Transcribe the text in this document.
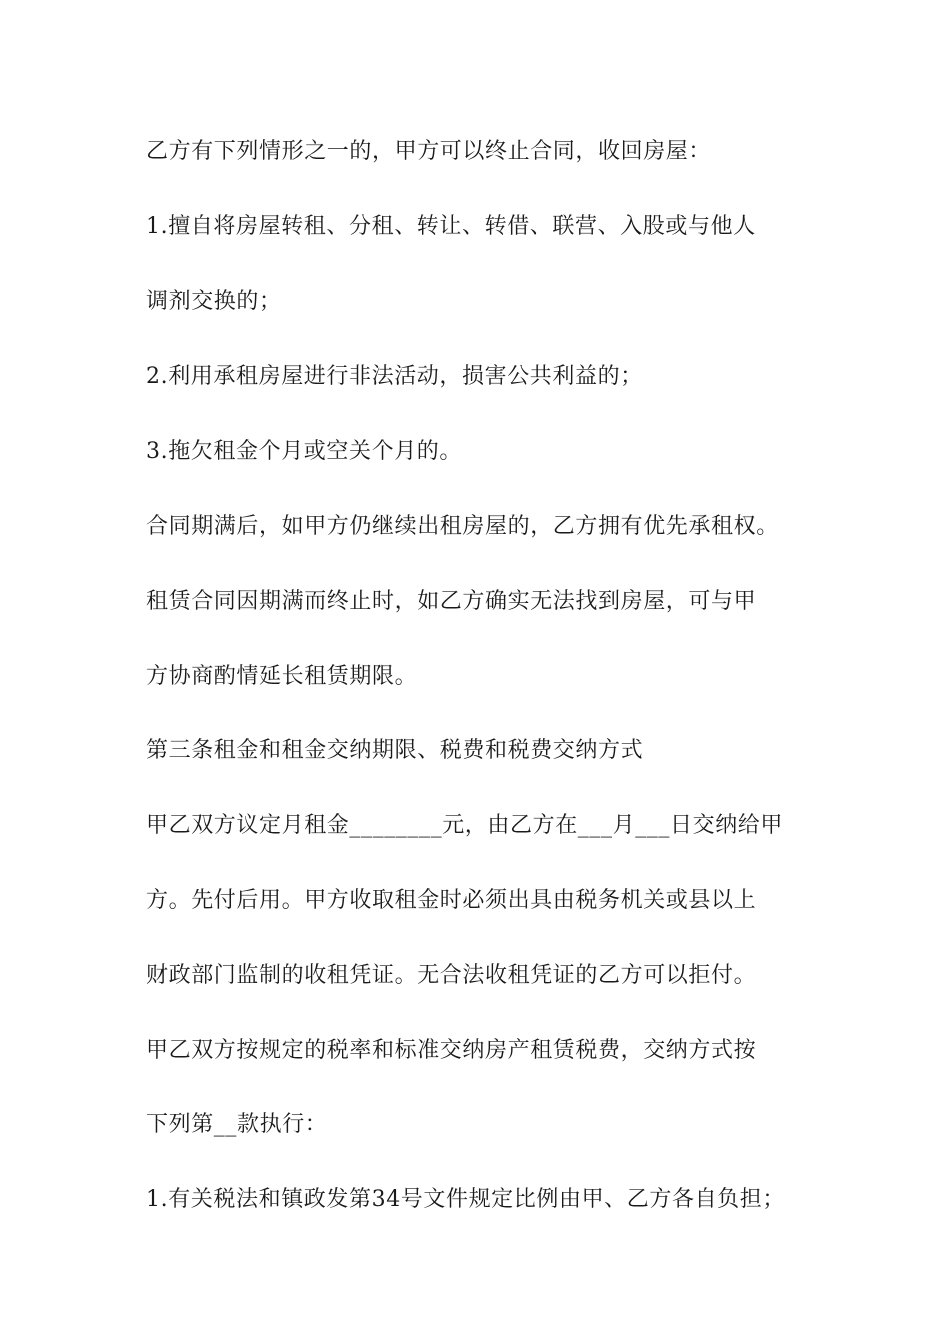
乙方有下列情形之一的，甲方可以终止合同，收回房屋：

1.擅自将房屋转租、分租、转让、转借、联营、入股或与他人

调剂交换的；

2.利用承租房屋进行非法活动，损害公共利益的；

3.拖欠租金个月或空关个月的。

合同期满后，如甲方仍继续出租房屋的，乙方拥有优先承租权。

租赁合同因期满而终止时，如乙方确实无法找到房屋，可与甲

方协商酌情延长租赁期限。

第三条租金和租金交纳期限、税费和税费交纳方式

甲乙双方议定月租金________元，由乙方在___月___日交纳给甲

方。先付后用。甲方收取租金时必须出具由税务机关或县以上

财政部门监制的收租凭证。无合法收租凭证的乙方可以拒付。

甲乙双方按规定的税率和标准交纳房产租赁税费，交纳方式按

下列第__款执行：

1.有关税法和镇政发第34号文件规定比例由甲、乙方各自负担；
